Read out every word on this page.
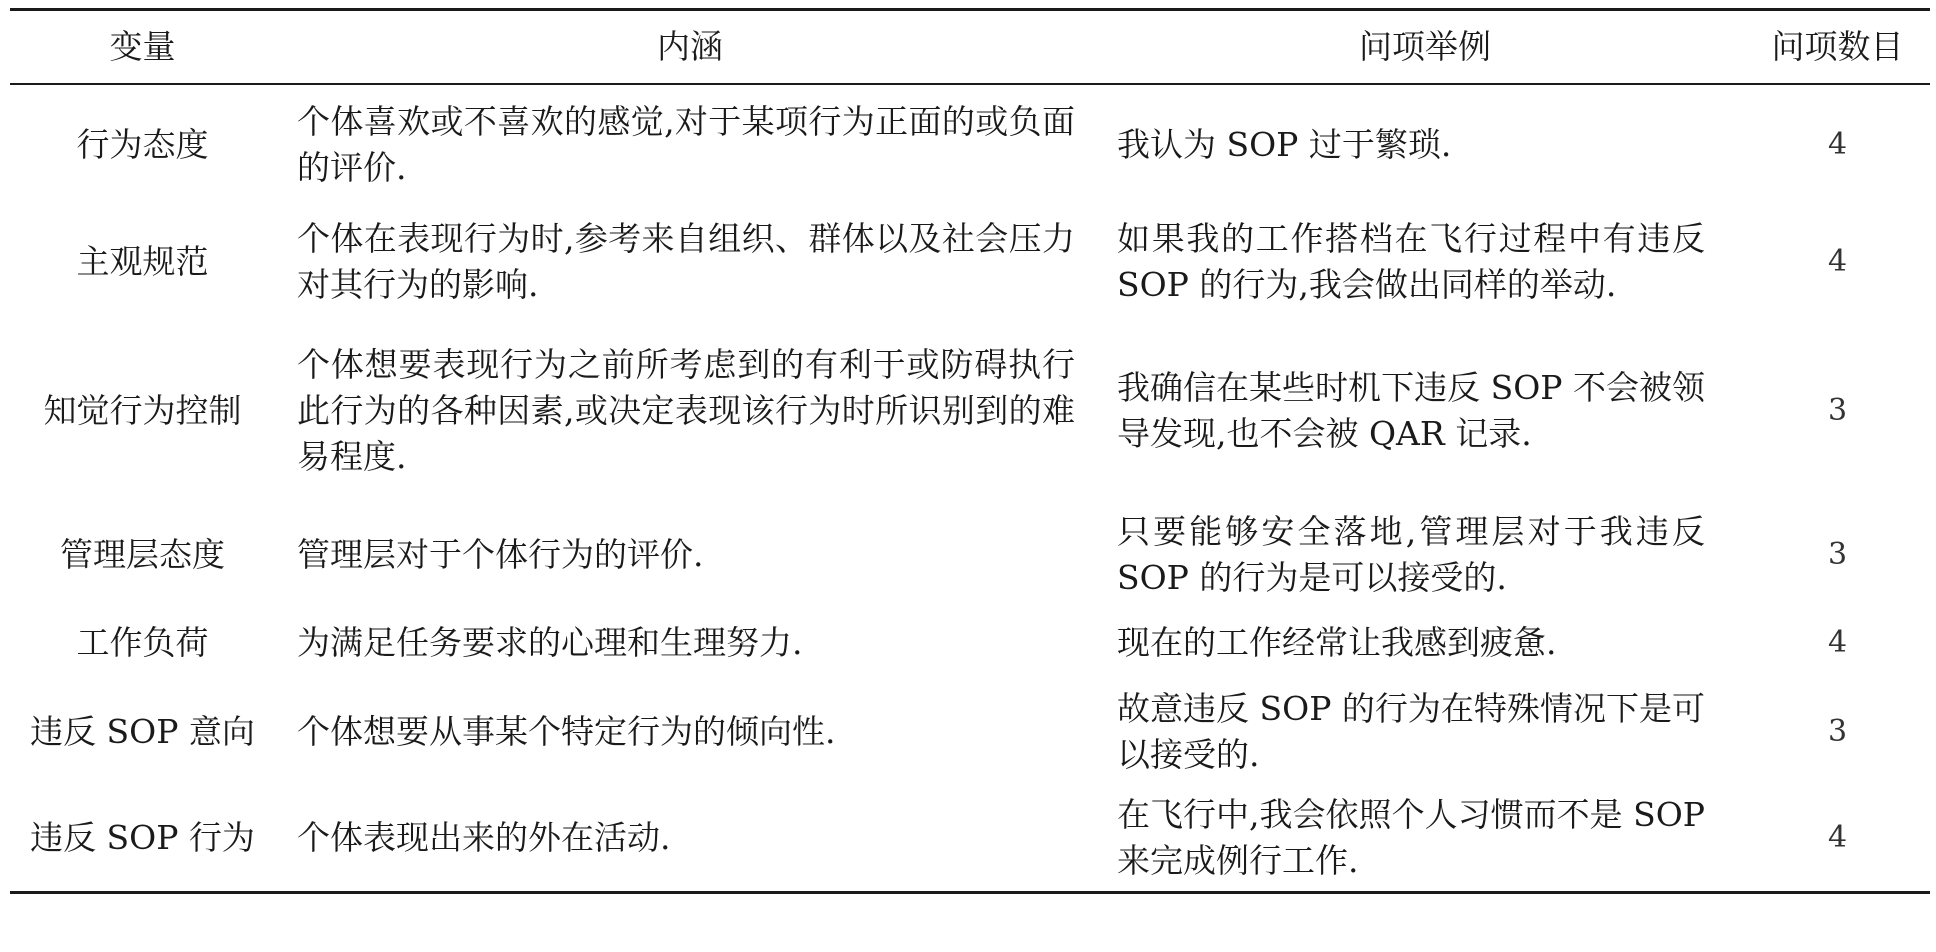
变量	内涵	问项举例	问项数目
行为态度	个体喜欢或不喜欢的感觉,对于某项行为正面的或负面的评价.	我认为 SOP 过于繁琐.	4
主观规范	个体在表现行为时,参考来自组织、群体以及社会压力对其行为的影响.	如果我的工作搭档在飞行过程中有违反 SOP 的行为,我会做出同样的举动.	4
知觉行为控制	个体想要表现行为之前所考虑到的有利于或防碍执行此行为的各种因素,或决定表现该行为时所识别到的难易程度.	我确信在某些时机下违反 SOP 不会被领导发现,也不会被 QAR 记录.	3
管理层态度	管理层对于个体行为的评价.	只要能够安全落地,管理层对于我违反 SOP 的行为是可以接受的.	3
工作负荷	为满足任务要求的心理和生理努力.	现在的工作经常让我感到疲惫.	4
违反 SOP 意向	个体想要从事某个特定行为的倾向性.	故意违反 SOP 的行为在特殊情况下是可以接受的.	3
违反 SOP 行为	个体表现出来的外在活动.	在飞行中,我会依照个人习惯而不是 SOP 来完成例行工作.	4
